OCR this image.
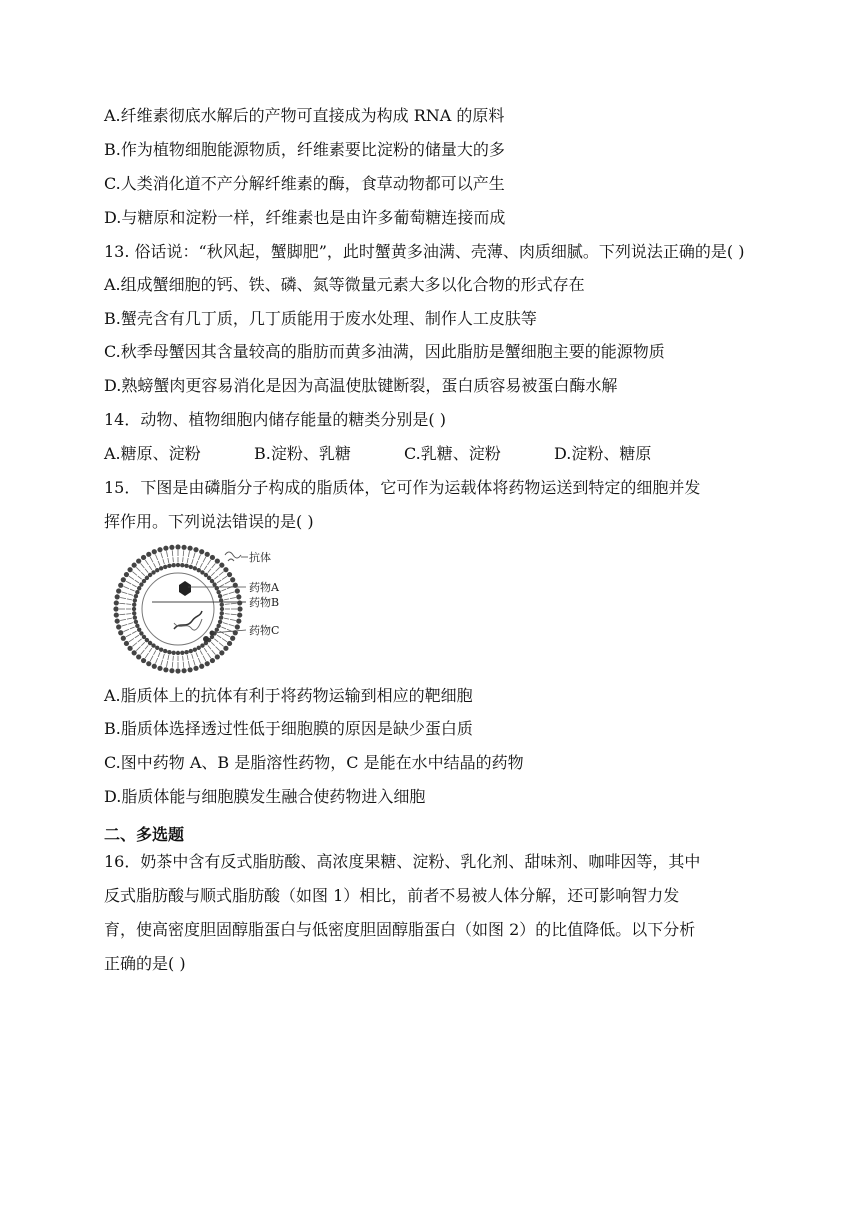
A.纤维素彻底水解后的产物可直接成为构成 RNA 的原料
B.作为植物细胞能源物质，纤维素要比淀粉的储量大的多
C.人类消化道不产分解纤维素的酶，食草动物都可以产生
D.与糖原和淀粉一样，纤维素也是由许多葡萄糖连接而成
13. 俗话说：“秋风起，蟹脚肥”，此时蟹黄多油满、壳薄、肉质细腻。下列说法正确的是( )
A.组成蟹细胞的钙、铁、磷、氮等微量元素大多以化合物的形式存在
B.蟹壳含有几丁质，几丁质能用于废水处理、制作人工皮肤等
C.秋季母蟹因其含量较高的脂肪而黄多油满，因此脂肪是蟹细胞主要的能源物质
D.熟螃蟹肉更容易消化是因为高温使肽键断裂，蛋白质容易被蛋白酶水解
14．动物、植物细胞内储存能量的糖类分别是( )
A.糖原、淀粉	B.淀粉、乳糖	C.乳糖、淀粉	D.淀粉、糖原
15．下图是由磷脂分子构成的脂质体，它可作为运载体将药物运送到特定的细胞并发
挥作用。下列说法错误的是( )
抗体
药物A
药物B
药物C
A.脂质体上的抗体有利于将药物运输到相应的靶细胞
B.脂质体选择透过性低于细胞膜的原因是缺少蛋白质
C.图中药物 A、B 是脂溶性药物，C 是能在水中结晶的药物
D.脂质体能与细胞膜发生融合使药物进入细胞
二、多选题
16．奶茶中含有反式脂肪酸、高浓度果糖、淀粉、乳化剂、甜味剂、咖啡因等，其中
反式脂肪酸与顺式脂肪酸（如图 1）相比，前者不易被人体分解，还可影响智力发
育，使高密度胆固醇脂蛋白与低密度胆固醇脂蛋白（如图 2）的比值降低。以下分析
正确的是( )
